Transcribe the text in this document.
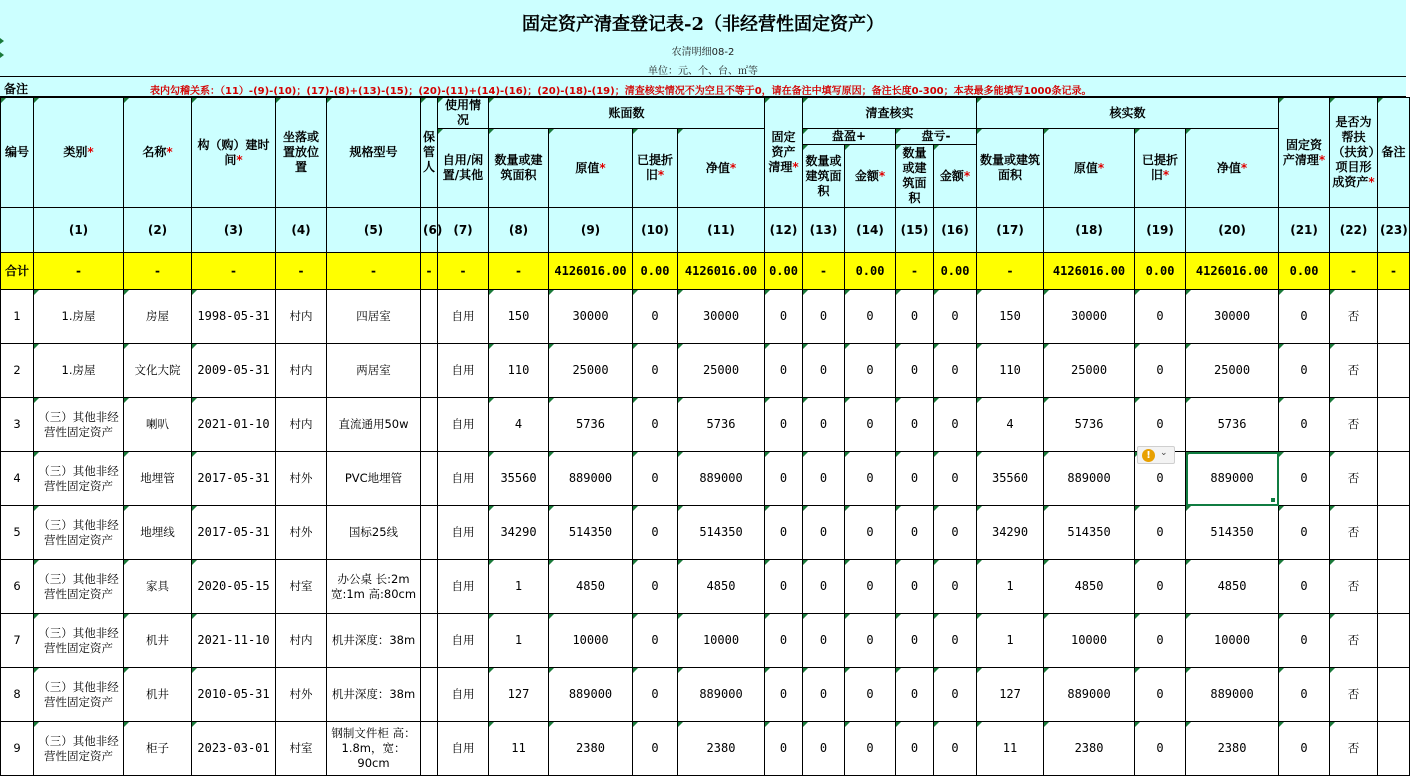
固定资产清查登记表-2（非经营性固定资产）
农清明细08-2
单位：元、个、台、㎡等
备注	表内勾稽关系：（11）-(9)-(10)；(17)-(8)+(13)-(15)；(20)-(11)+(14)-(16)；(20)-(18)-(19)；清查核实情况不为空且不等于0，请在备注中填写原因；备注长度0-300；本表最多能填写1000条记录。
编号	类别*	名称*	构（购）建时间*	坐落或置放位置	规格型号	保管人	使用情况	账面数				固定资产清理*	清查核实				核实数				固定资产清理*	是否为帮扶（扶贫）项目形成资产*	备注
							自用/闲置/其他	数量或建筑面积	原值*	已提折旧*	净值*		盘盈+		盘亏-		数量或建筑面积	原值*	已提折旧*	净值*			
													数量或建筑面积	金额*	数量或建筑面积	金额*							
	(1)	(2)	(3)	(4)	(5)	(6)	(7)	(8)	(9)	(10)	(11)	(12)	(13)	(14)	(15)	(16)	(17)	(18)	(19)	(20)	(21)	(22)	(23)
合计	-	-	-	-	-	-	-	-	4126016.00	0.00	4126016.00	0.00	-	0.00	-	0.00	-	4126016.00	0.00	4126016.00	0.00	-	-
1	1.房屋	房屋	1998-05-31	村内	四居室		自用	150	30000	0	30000	0	0	0	0	0	150	30000	0	30000	0	否	
2	1.房屋	文化大院	2009-05-31	村内	两居室		自用	110	25000	0	25000	0	0	0	0	0	110	25000	0	25000	0	否	
3	（三）其他非经营性固定资产	喇叭	2021-01-10	村内	直流通用50w		自用	4	5736	0	5736	0	0	0	0	0	4	5736	0	5736	0	否	
4	（三）其他非经营性固定资产	地埋管	2017-05-31	村外	PVC地埋管		自用	35560	889000	0	889000	0	0	0	0	0	35560	889000	0	889000	0	否	
5	（三）其他非经营性固定资产	地埋线	2017-05-31	村外	国标25线		自用	34290	514350	0	514350	0	0	0	0	0	34290	514350	0	514350	0	否	
6	（三）其他非经营性固定资产	家具	2020-05-15	村室	办公桌 长:2m 宽:1m 高:80cm		自用	1	4850	0	4850	0	0	0	0	0	1	4850	0	4850	0	否	
7	（三）其他非经营性固定资产	机井	2021-11-10	村内	机井深度：38m		自用	1	10000	0	10000	0	0	0	0	0	1	10000	0	10000	0	否	
8	（三）其他非经营性固定资产	机井	2010-05-31	村外	机井深度：38m		自用	127	889000	0	889000	0	0	0	0	0	127	889000	0	889000	0	否	
9	（三）其他非经营性固定资产	柜子	2023-03-01	村室	钢制文件柜 高：1.8m，宽：90cm		自用	11	2380	0	2380	0	0	0	0	0	11	2380	0	2380	0	否	
!	⌄
